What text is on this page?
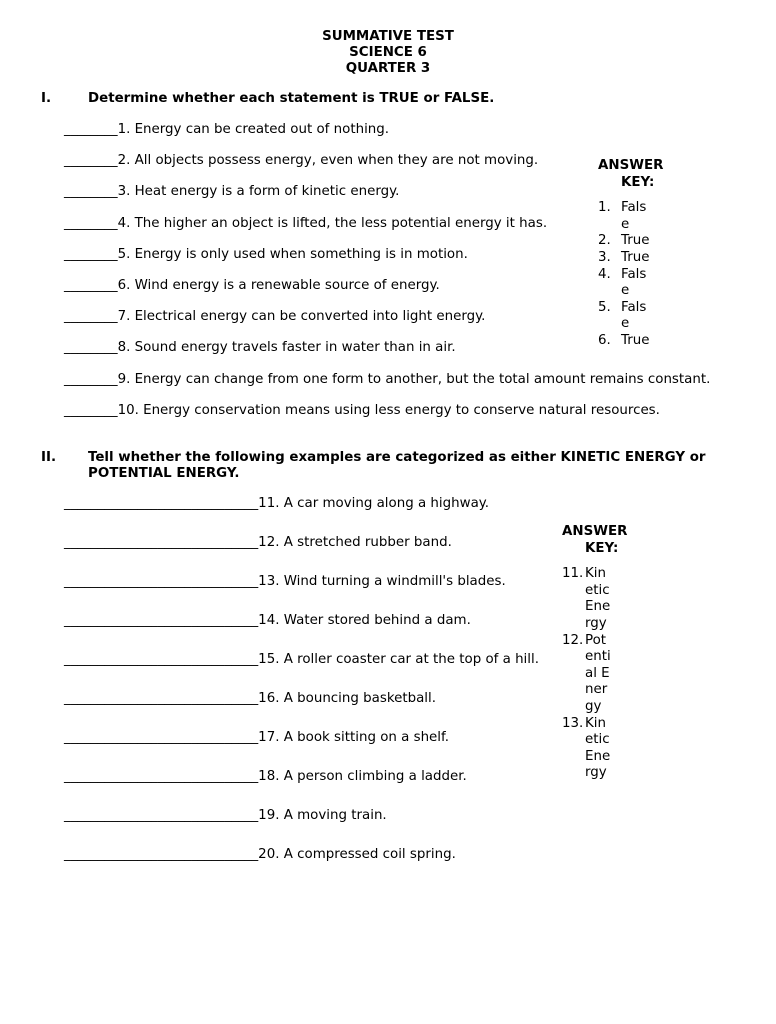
SUMMATIVE TEST
SCIENCE 6
QUARTER 3
I.	Determine whether each statement is TRUE or FALSE.
________1. Energy can be created out of nothing.
________2. All objects possess energy, even when they are not moving.
________3. Heat energy is a form of kinetic energy.
________4. The higher an object is lifted, the less potential energy it has.
________5. Energy is only used when something is in motion.
________6. Wind energy is a renewable source of energy.
________7. Electrical energy can be converted into light energy.
________8. Sound energy travels faster in water than in air.
________9. Energy can change from one form to another, but the total amount remains constant.
________10. Energy conservation means using less energy to conserve natural resources.
ANSWER KEY:
1. False
2. True
3. True
4. False
5. False
6. True
II. Tell whether the following examples are categorized as either KINETIC ENERGY or POTENTIAL ENERGY.
_____________________________11. A car moving along a highway.
_____________________________12. A stretched rubber band.
_____________________________13. Wind turning a windmill's blades.
_____________________________14. Water stored behind a dam.
_____________________________15. A roller coaster car at the top of a hill.
_____________________________16. A bouncing basketball.
_____________________________17. A book sitting on a shelf.
_____________________________18. A person climbing a ladder.
_____________________________19. A moving train.
_____________________________20. A compressed coil spring.
ANSWER KEY:
11. Kinetic Energy
12. Potential Energy
13. Kinetic Energy
